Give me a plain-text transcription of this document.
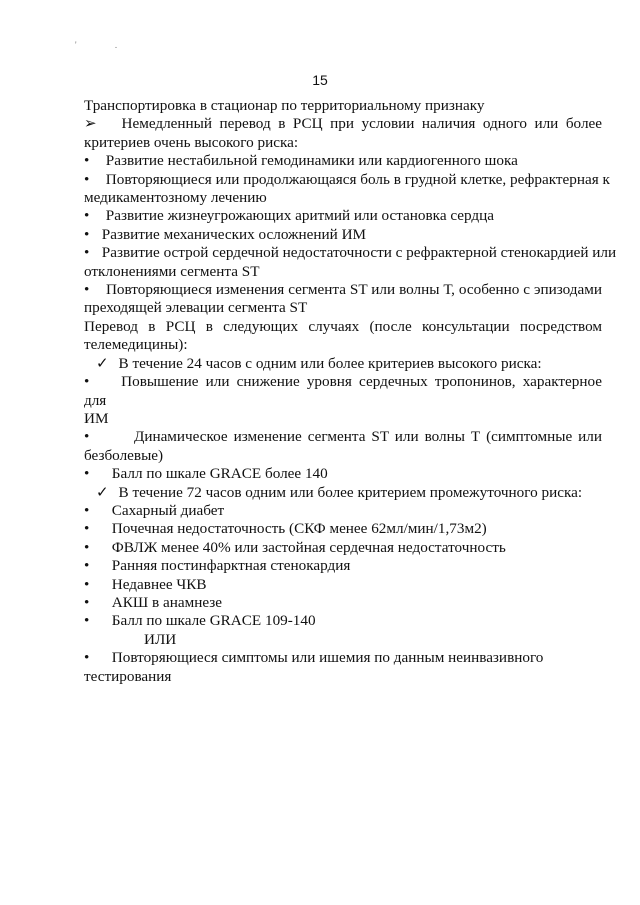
' .
15
Транспортировка в стационар по территориальному признаку
➢ Немедленный перевод в РСЦ при условии наличия одного или более
критериев очень высокого риска:
• Развитие нестабильной гемодинамики или кардиогенного шока
• Повторяющиеся или продолжающаяся боль в грудной клетке, рефрактерная к
медикаментозному лечению
• Развитие жизнеугрожающих аритмий или остановка сердца
• Развитие механических осложнений ИМ
• Развитие острой сердечной недостаточности с рефрактерной стенокардией или
отклонениями сегмента ST
• Повторяющиеся изменения сегмента ST или волны Т, особенно с эпизодами
преходящей элевации сегмента ST
Перевод в РСЦ в следующих случаях (после консультации посредством
телемедицины):
✓ В течение 24 часов с одним или более критериев высокого риска:
• Повышение или снижение уровня сердечных тропонинов, характерное для
ИМ
•	Динамическое изменение сегмента ST или волны Т (симптомные или
безболевые)
• Балл по шкале GRACE более 140
✓ В течение 72 часов одним или более критерием промежуточного риска:
• Сахарный диабет
• Почечная недостаточность (СКФ менее 62мл/мин/1,73м2)
• ФВЛЖ менее 40% или застойная сердечная недостаточность
• Ранняя постинфарктная стенокардия
• Недавнее ЧКВ
• АКШ в анамнезе
• Балл по шкале GRACE 109-140
ИЛИ
• Повторяющиеся симптомы или ишемия по данным неинвазивного
тестирования
